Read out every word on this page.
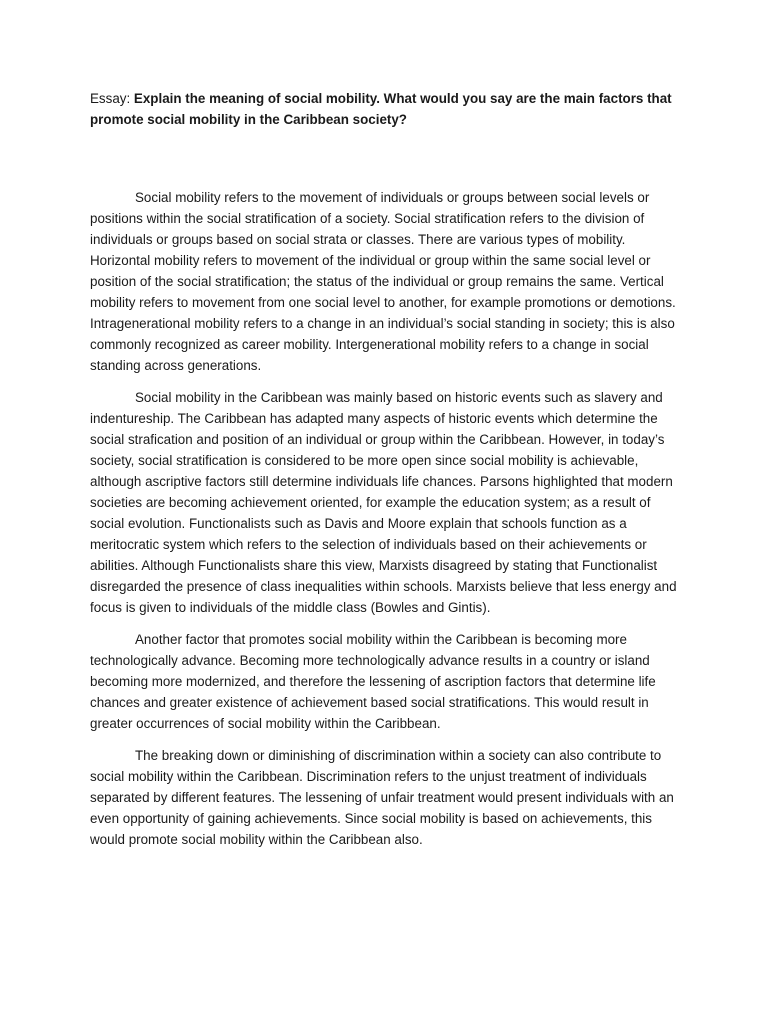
Essay: Explain the meaning of social mobility. What would you say are the main factors that promote social mobility in the Caribbean society?

Social mobility refers to the movement of individuals or groups between social levels or positions within the social stratification of a society. Social stratification refers to the division of individuals or groups based on social strata or classes. There are various types of mobility. Horizontal mobility refers to movement of the individual or group within the same social level or position of the social stratification; the status of the individual or group remains the same. Vertical mobility refers to movement from one social level to another, for example promotions or demotions. Intragenerational mobility refers to a change in an individual’s social standing in society; this is also commonly recognized as career mobility. Intergenerational mobility refers to a change in social standing across generations.

Social mobility in the Caribbean was mainly based on historic events such as slavery and indentureship. The Caribbean has adapted many aspects of historic events which determine the social strafication and position of an individual or group within the Caribbean. However, in today’s society, social stratification is considered to be more open since social mobility is achievable, although ascriptive factors still determine individuals life chances. Parsons highlighted that modern societies are becoming achievement oriented, for example the education system; as a result of social evolution. Functionalists such as Davis and Moore explain that schools function as a meritocratic system which refers to the selection of individuals based on their achievements or abilities. Although Functionalists share this view, Marxists disagreed by stating that Functionalist disregarded the presence of class inequalities within schools. Marxists believe that less energy and focus is given to individuals of the middle class (Bowles and Gintis).

Another factor that promotes social mobility within the Caribbean is becoming more technologically advance. Becoming more technologically advance results in a country or island becoming more modernized, and therefore the lessening of ascription factors that determine life chances and greater existence of achievement based social stratifications. This would result in greater occurrences of social mobility within the Caribbean.

The breaking down or diminishing of discrimination within a society can also contribute to social mobility within the Caribbean. Discrimination refers to the unjust treatment of individuals separated by different features. The lessening of unfair treatment would present individuals with an even opportunity of gaining achievements. Since social mobility is based on achievements, this would promote social mobility within the Caribbean also.
